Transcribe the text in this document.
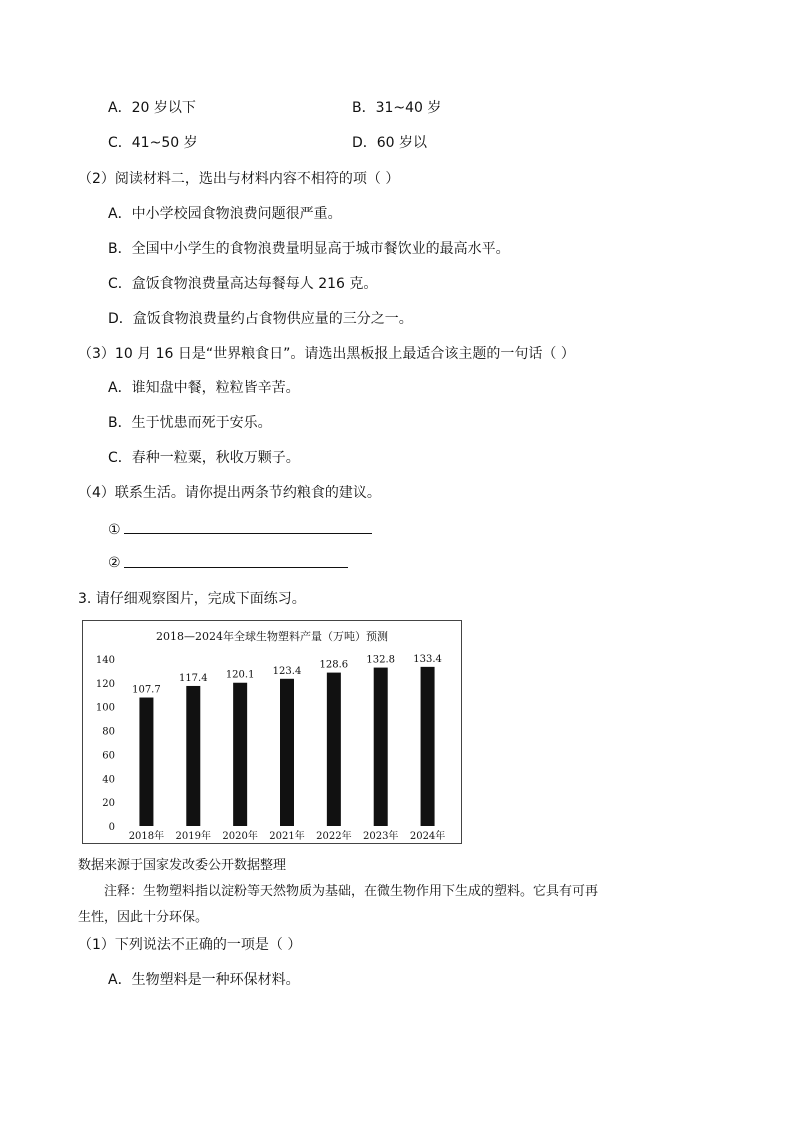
A．20 岁以下	B．31~40 岁
C．41~50 岁	D．60 岁以
（2）阅读材料二，选出与材料内容不相符的项（ ）
A．中小学校园食物浪费问题很严重。
B．全国中小学生的食物浪费量明显高于城市餐饮业的最高水平。
C．盒饭食物浪费量高达每餐每人 216 克。
D．盒饭食物浪费量约占食物供应量的三分之一。
（3）10 月 16 日是“世界粮食日”。请选出黑板报上最适合该主题的一句话（ ）
A．谁知盘中餐，粒粒皆辛苦。
B．生于忧患而死于安乐。
C．春种一粒粟，秋收万颗子。
（4）联系生活。请你提出两条节约粮食的建议。
①
②
3. 请仔细观察图片，完成下面练习。
2018—2024年全球生物塑料产量（万吨）预测
0
20
40
60
80
100
120
140
107.7
2018年
117.4
2019年
120.1
2020年
123.4
2021年
128.6
2022年
132.8
2023年
133.4
2024年
数据来源于国家发改委公开数据整理
注释：生物塑料指以淀粉等天然物质为基础，在微生物作用下生成的塑料。它具有可再
生性，因此十分环保。
（1）下列说法不正确的一项是（ ）
A．生物塑料是一种环保材料。
